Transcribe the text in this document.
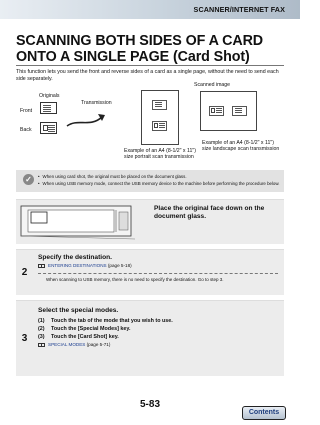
SCANNER/INTERNET FAX
SCANNING BOTH SIDES OF A CARD ONTO A SINGLE PAGE (Card Shot)
This function lets you send the front and reverse sides of a card as a single page, without the need to send each side separately.
Originals
Front
Back
Transmission
Scanned image
Example of an A4 (8-1/2" x 11")
size portrait scan transmission
Example of an A4 (8-1/2" x 11")
size landscape scan transmission
✓
•	When using card shot, the original must be placed on the document glass.
• When using USB memory mode, connect the USB memory device to the machine before performing the procedure below.
Place the original face down on the document glass.
2
Specify the destination.
ENTERING DESTINATIONS (page 5-18)
When scanning to USB memory, there is no need to specify the destination. Go to step 3.
3
Select the special modes.
(1) Touch the tab of the mode that you wish to use.
(2) Touch the [Special Modes] key.
(3) Touch the [Card Shot] key.
SPECIAL MODES (page 5-71)
5-83
Contents
